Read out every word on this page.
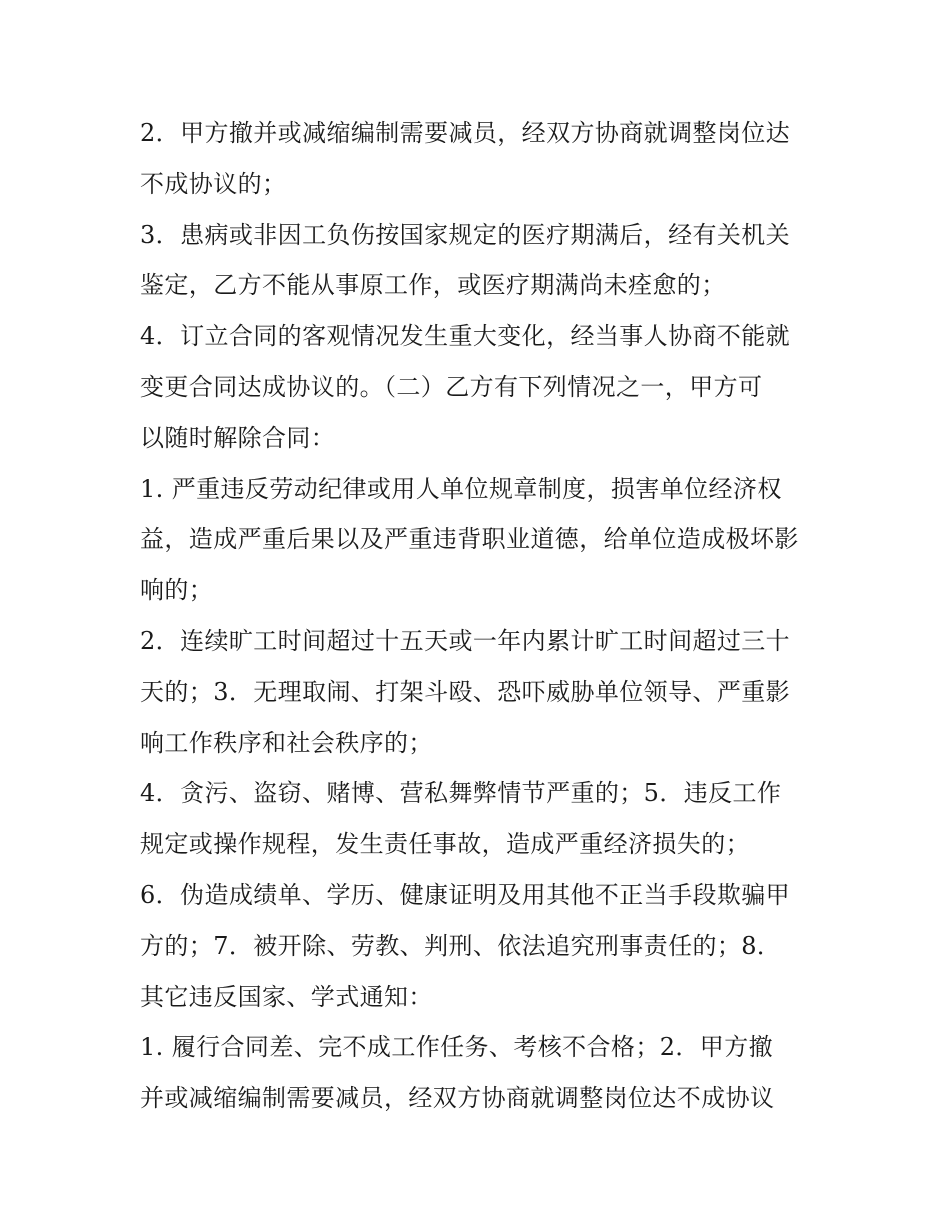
2．甲方撤并或减缩编制需要减员，经双方协商就调整岗位达
不成协议的；
3．患病或非因工负伤按国家规定的医疗期满后，经有关机关
鉴定，乙方不能从事原工作，或医疗期满尚未痊愈的；
4．订立合同的客观情况发生重大变化，经当事人协商不能就
变更合同达成协议的。（二）乙方有下列情况之一，甲方可
以随时解除合同：
1. 严重违反劳动纪律或用人单位规章制度，损害单位经济权
益，造成严重后果以及严重违背职业道德，给单位造成极坏影
响的；
2．连续旷工时间超过十五天或一年内累计旷工时间超过三十
天的；3．无理取闹、打架斗殴、恐吓威胁单位领导、严重影
响工作秩序和社会秩序的；
4．贪污、盗窃、赌博、营私舞弊情节严重的；5．违反工作
规定或操作规程，发生责任事故，造成严重经济损失的；
6．伪造成绩单、学历、健康证明及用其他不正当手段欺骗甲
方的；7．被开除、劳教、判刑、依法追究刑事责任的；8．
其它违反国家、学式通知：
1. 履行合同差、完不成工作任务、考核不合格；2．甲方撤
并或减缩编制需要减员，经双方协商就调整岗位达不成协议
